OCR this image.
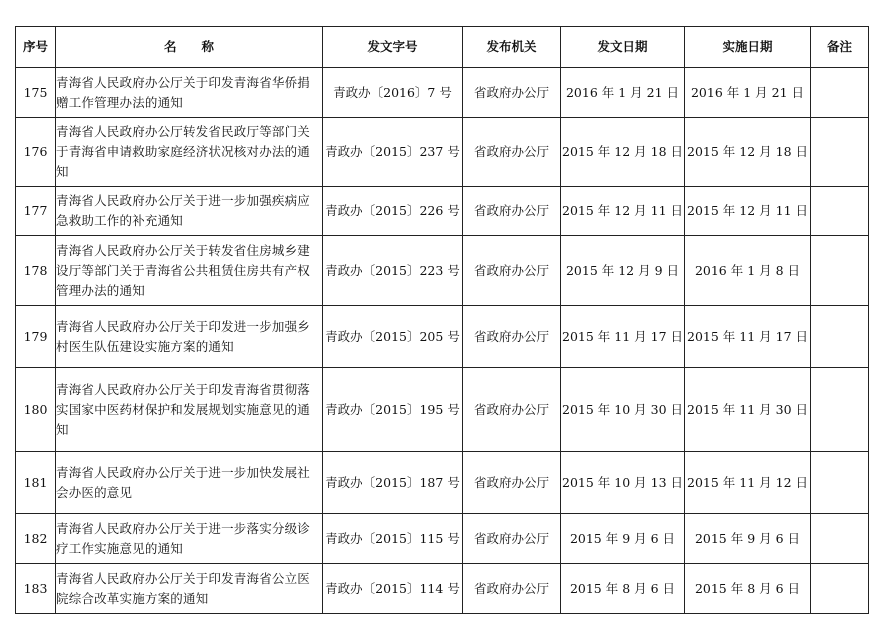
序号	名　　称	发文字号	发布机关	发文日期	实施日期	备注
175	青海省人民政府办公厅关于印发青海省华侨捐赠工作管理办法的通知	青政办〔2016〕7 号	省政府办公厅	2016 年 1 月 21 日	2016 年 1 月 21 日	
176	青海省人民政府办公厅转发省民政厅等部门关于青海省申请救助家庭经济状况核对办法的通知	青政办〔2015〕237 号	省政府办公厅	2015 年 12 月 18 日	2015 年 12 月 18 日	
177	青海省人民政府办公厅关于进一步加强疾病应急救助工作的补充通知	青政办〔2015〕226 号	省政府办公厅	2015 年 12 月 11 日	2015 年 12 月 11 日	
178	青海省人民政府办公厅关于转发省住房城乡建设厅等部门关于青海省公共租赁住房共有产权管理办法的通知	青政办〔2015〕223 号	省政府办公厅	2015 年 12 月 9 日	2016 年 1 月 8 日	
179	青海省人民政府办公厅关于印发进一步加强乡村医生队伍建设实施方案的通知	青政办〔2015〕205 号	省政府办公厅	2015 年 11 月 17 日	2015 年 11 月 17 日	
180	青海省人民政府办公厅关于印发青海省贯彻落实国家中医药材保护和发展规划实施意见的通知	青政办〔2015〕195 号	省政府办公厅	2015 年 10 月 30 日	2015 年 11 月 30 日	
181	青海省人民政府办公厅关于进一步加快发展社会办医的意见	青政办〔2015〕187 号	省政府办公厅	2015 年 10 月 13 日	2015 年 11 月 12 日	
182	青海省人民政府办公厅关于进一步落实分级诊疗工作实施意见的通知	青政办〔2015〕115 号	省政府办公厅	2015 年 9 月 6 日	2015 年 9 月 6 日	
183	青海省人民政府办公厅关于印发青海省公立医院综合改革实施方案的通知	青政办〔2015〕114 号	省政府办公厅	2015 年 8 月 6 日	2015 年 8 月 6 日	
